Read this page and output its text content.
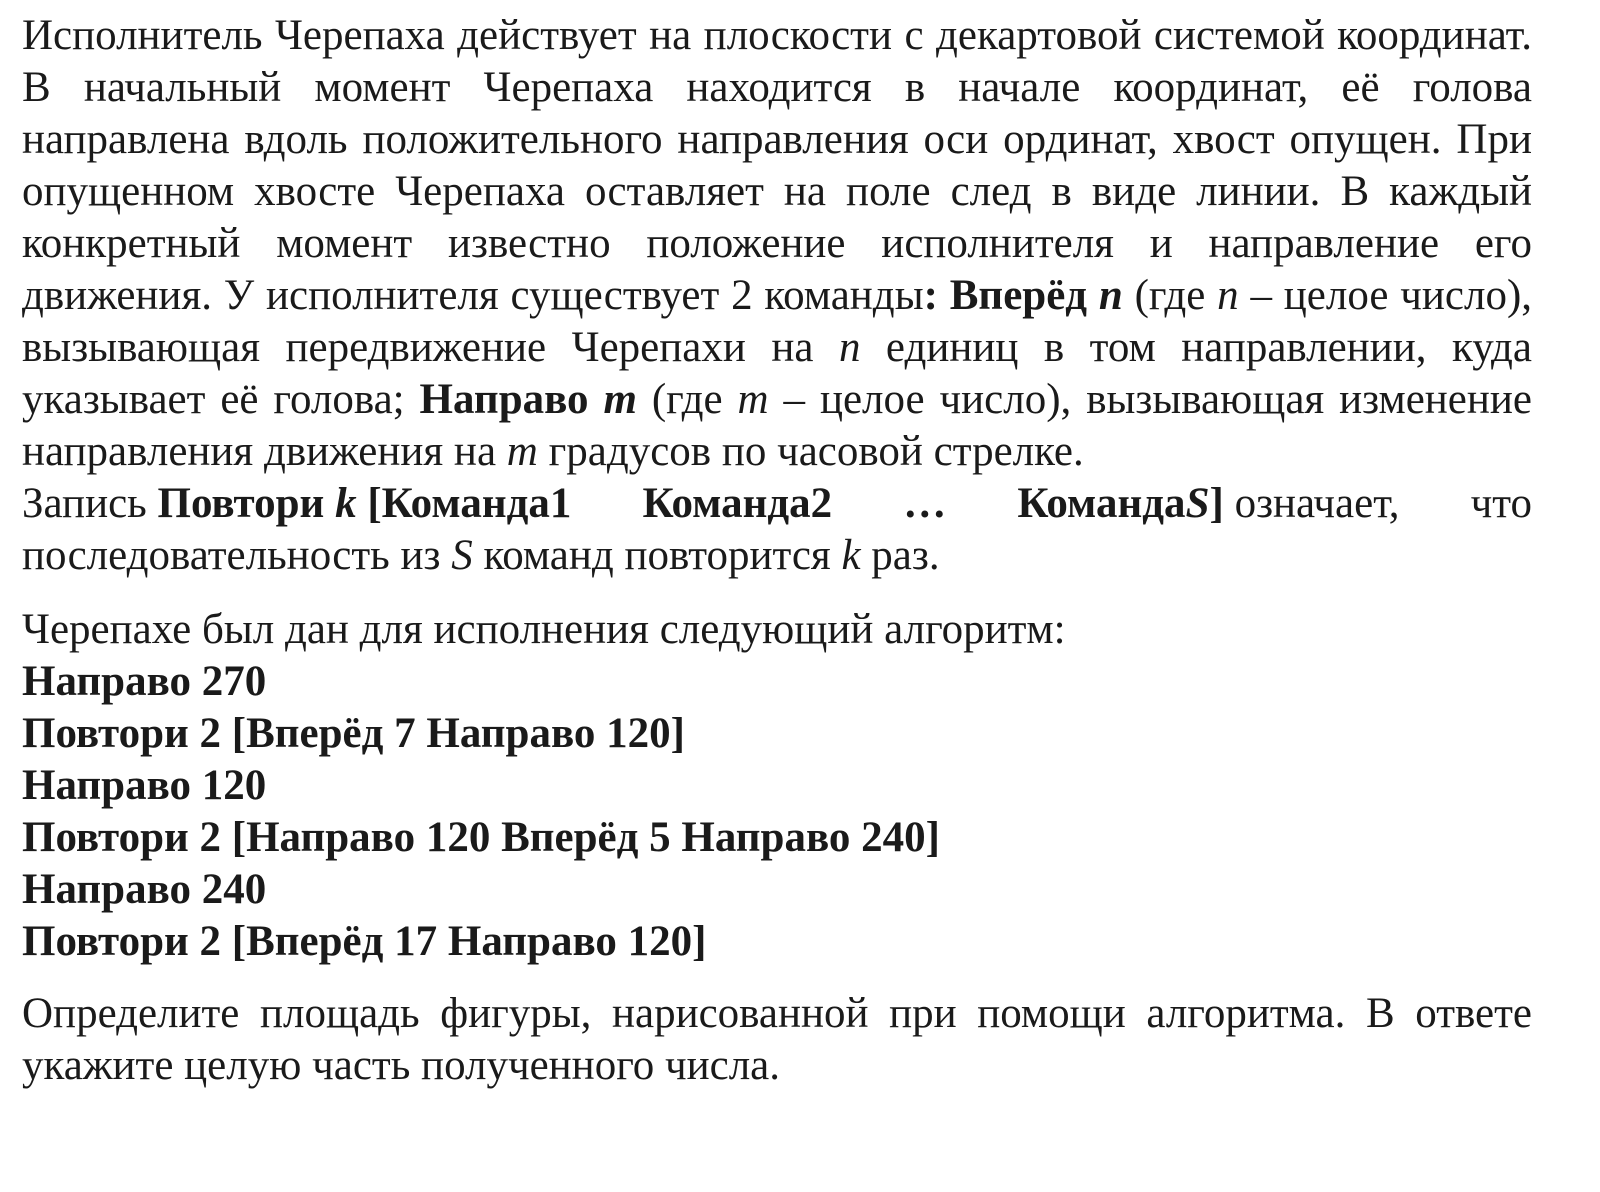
Исполнитель Черепаха действует на плоскости с декартовой системой координат. В начальный момент Черепаха находится в начале координат, её голова направлена вдоль положительного направления оси ординат, хвост опущен. При опущенном хвосте Черепаха оставляет на поле след в виде линии. В каждый конкретный момент известно положение исполнителя и направление его движения. У исполнителя существует 2 команды: Вперёд n (где n – целое число), вызывающая передвижение Черепахи на n единиц в том направлении, куда указывает её голова; Направо m (где m – целое число), вызывающая изменение направления движения на m градусов по часовой стрелке.

Запись Повтори k [Команда1 Команда2 … КомандаS] означает, что
последовательность из S команд повторится k раз.
Черепахе был дан для исполнения следующий алгоритм:
Направо 270
Повтори 2 [Вперёд 7 Направо 120]
Направо 120
Повтори 2 [Направо 120 Вперёд 5 Направо 240]
Направо 240
Повтори 2 [Вперёд 17 Направо 120]

Определите площадь фигуры, нарисованной при помощи алгоритма. В ответе укажите целую часть полученного числа.
